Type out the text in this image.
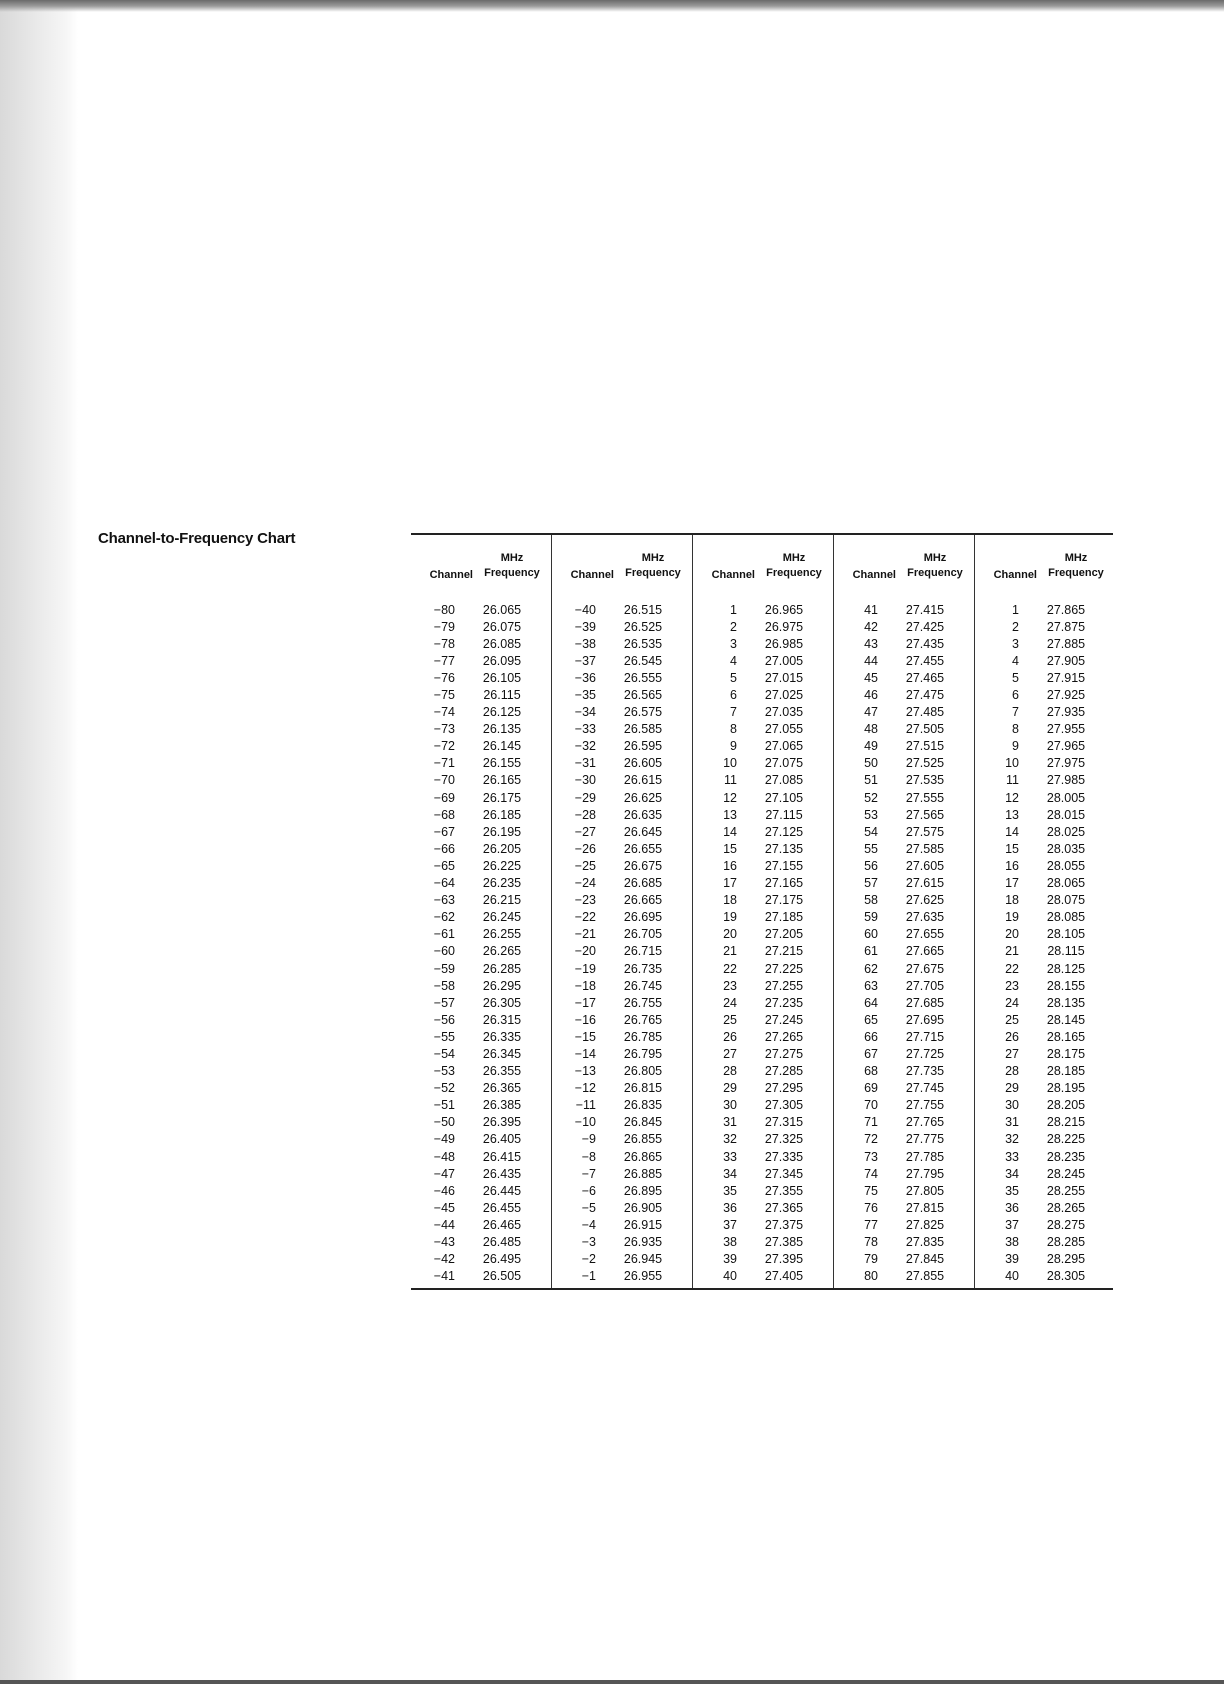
Channel-to-Frequency Chart
Channel
MHz
Frequency
−80	26.065
−79	26.075
−78	26.085
−77	26.095
−76	26.105
−75	26.115
−74	26.125
−73	26.135
−72	26.145
−71	26.155
−70	26.165
−69	26.175
−68	26.185
−67	26.195
−66	26.205
−65	26.225
−64	26.235
−63	26.215
−62	26.245
−61	26.255
−60	26.265
−59	26.285
−58	26.295
−57	26.305
−56	26.315
−55	26.335
−54	26.345
−53	26.355
−52	26.365
−51	26.385
−50	26.395
−49	26.405
−48	26.415
−47	26.435
−46	26.445
−45	26.455
−44	26.465
−43	26.485
−42	26.495
−41	26.505
Channel
MHz
Frequency
−40	26.515
−39	26.525
−38	26.535
−37	26.545
−36	26.555
−35	26.565
−34	26.575
−33	26.585
−32	26.595
−31	26.605
−30	26.615
−29	26.625
−28	26.635
−27	26.645
−26	26.655
−25	26.675
−24	26.685
−23	26.665
−22	26.695
−21	26.705
−20	26.715
−19	26.735
−18	26.745
−17	26.755
−16	26.765
−15	26.785
−14	26.795
−13	26.805
−12	26.815
−11	26.835
−10	26.845
−9	26.855
−8	26.865
−7	26.885
−6	26.895
−5	26.905
−4	26.915
−3	26.935
−2	26.945
−1	26.955
Channel
MHz
Frequency
1	26.965
2	26.975
3	26.985
4	27.005
5	27.015
6	27.025
7	27.035
8	27.055
9	27.065
10	27.075
11	27.085
12	27.105
13	27.115
14	27.125
15	27.135
16	27.155
17	27.165
18	27.175
19	27.185
20	27.205
21	27.215
22	27.225
23	27.255
24	27.235
25	27.245
26	27.265
27	27.275
28	27.285
29	27.295
30	27.305
31	27.315
32	27.325
33	27.335
34	27.345
35	27.355
36	27.365
37	27.375
38	27.385
39	27.395
40	27.405
Channel
MHz
Frequency
41	27.415
42	27.425
43	27.435
44	27.455
45	27.465
46	27.475
47	27.485
48	27.505
49	27.515
50	27.525
51	27.535
52	27.555
53	27.565
54	27.575
55	27.585
56	27.605
57	27.615
58	27.625
59	27.635
60	27.655
61	27.665
62	27.675
63	27.705
64	27.685
65	27.695
66	27.715
67	27.725
68	27.735
69	27.745
70	27.755
71	27.765
72	27.775
73	27.785
74	27.795
75	27.805
76	27.815
77	27.825
78	27.835
79	27.845
80	27.855
Channel
MHz
Frequency
1	27.865
2	27.875
3	27.885
4	27.905
5	27.915
6	27.925
7	27.935
8	27.955
9	27.965
10	27.975
11	27.985
12	28.005
13	28.015
14	28.025
15	28.035
16	28.055
17	28.065
18	28.075
19	28.085
20	28.105
21	28.115
22	28.125
23	28.155
24	28.135
25	28.145
26	28.165
27	28.175
28	28.185
29	28.195
30	28.205
31	28.215
32	28.225
33	28.235
34	28.245
35	28.255
36	28.265
37	28.275
38	28.285
39	28.295
40	28.305
